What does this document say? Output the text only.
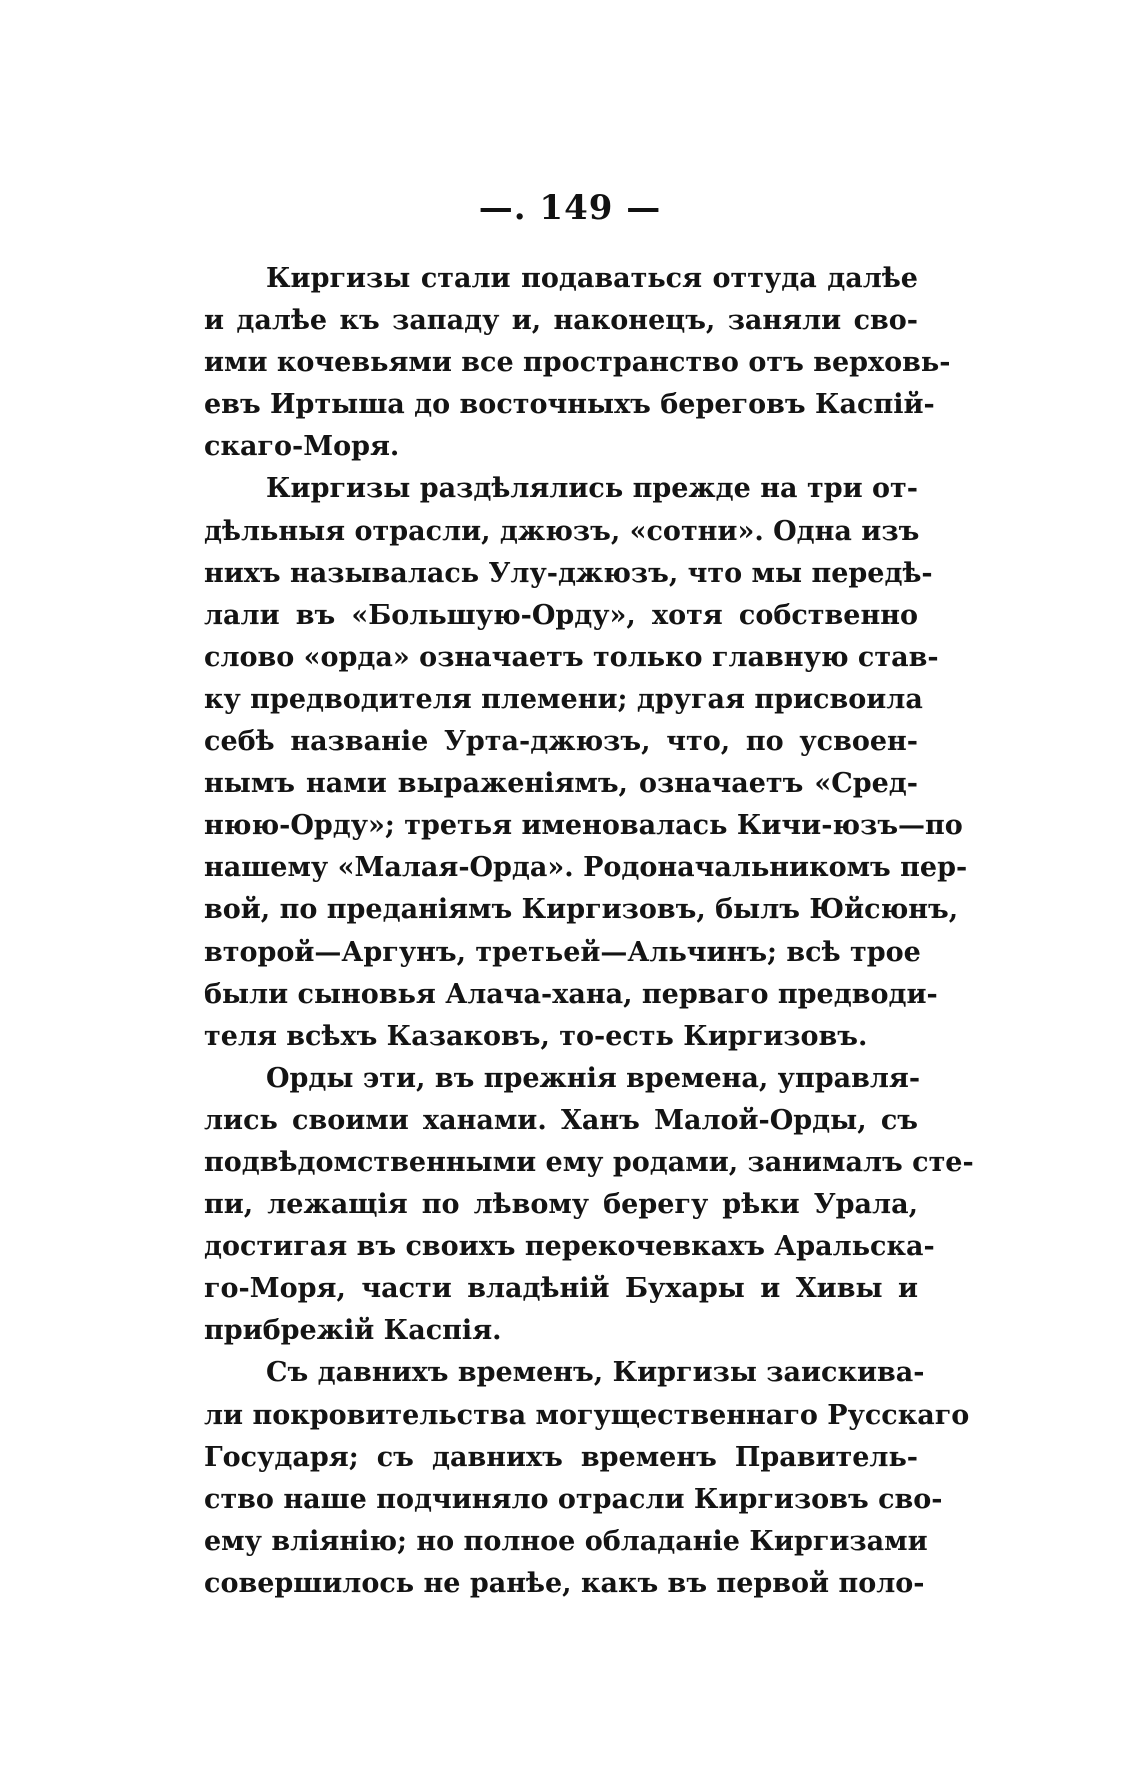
—. 149 —
Киргизы стали подаваться оттуда далѣе
и далѣе къ западу и, наконецъ, заняли сво-
ими кочевьями все пространство отъ верховь-
евъ Иртыша до восточныхъ береговъ Каспій-
скаго-Моря.
Киргизы раздѣлялись прежде на три от-
дѣльныя отрасли, джюзъ, «сотни». Одна изъ
нихъ называлась Улу-джюзъ, что мы передѣ-
лали въ «Большую-Орду», хотя собственно
слово «орда» означаетъ только главную став-
ку предводителя племени; другая присвоила
себѣ названіе Урта-джюзъ, что, по усвоен-
нымъ нами выраженіямъ, означаетъ «Сред-
нюю-Орду»; третья именовалась Кичи-юзъ—по
нашему «Малая-Орда». Родоначальникомъ пер-
вой, по преданіямъ Киргизовъ, былъ Юйсюнъ,
второй—Аргунъ, третьей—Альчинъ; всѣ трое
были сыновья Алача-хана, перваго предводи-
теля всѣхъ Казаковъ, то-есть Киргизовъ.
Орды эти, въ прежнія времена, управля-
лись своими ханами. Ханъ Малой-Орды, съ
подвѣдомственными ему родами, занималъ сте-
пи, лежащія по лѣвому берегу рѣки Урала,
достигая въ своихъ перекочевкахъ Аральска-
го-Моря, части владѣній Бухары и Хивы и
прибрежій Каспія.
Съ давнихъ временъ, Киргизы заискива-
ли покровительства могущественнаго Русскаго
Государя; съ давнихъ временъ Правитель-
ство наше подчиняло отрасли Киргизовъ сво-
ему вліянію; но полное обладаніе Киргизами
совершилось не ранѣе, какъ въ первой поло-
